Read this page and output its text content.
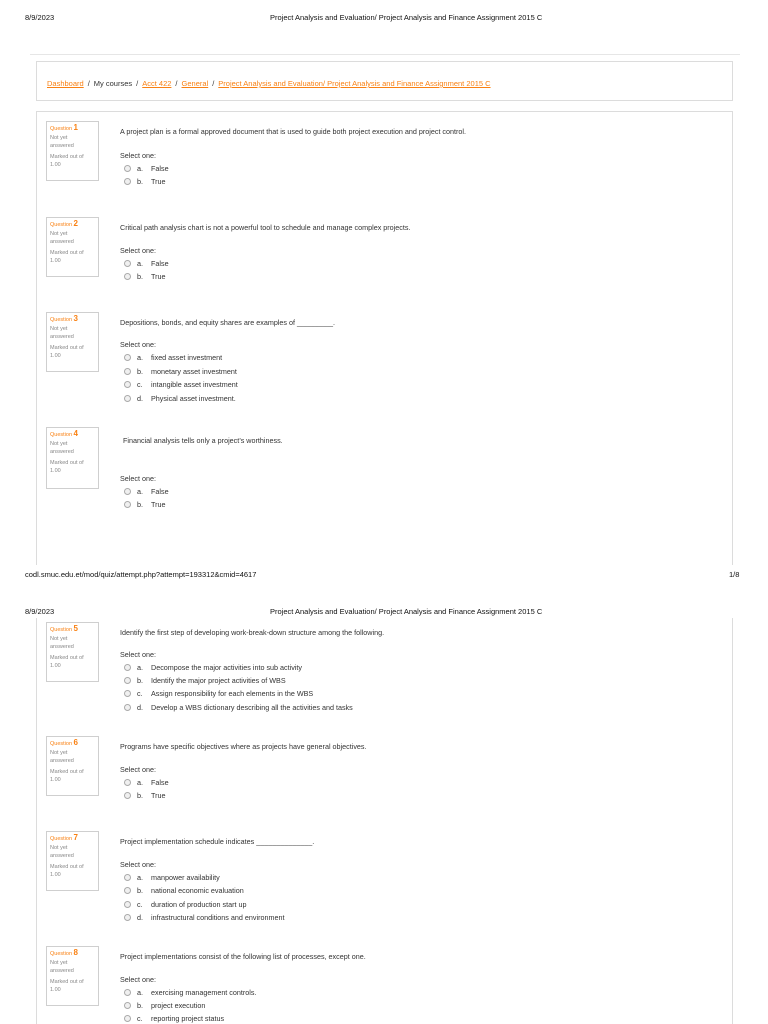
8/9/2023	Project Analysis and Evaluation/ Project Analysis and Finance Assignment 2015 C
Dashboard / My courses / Acct 422 / General / Project Analysis and Evaluation/ Project Analysis and Finance Assignment 2015 C
Question 1
Not yet
answered
Marked out of
1.00
A project plan is a formal approved document that is used to guide both project execution and project control.
Select one:
a.	False
b.	True
Question 2
Not yet
answered
Marked out of
1.00
Critical path analysis chart is not a powerful tool to schedule and manage complex projects.
Select one:
a.	False
b.	True
Question 3
Not yet
answered
Marked out of
1.00
Depositions, bonds, and equity shares are examples of _________.
Select one:
a.	fixed asset investment
b.	monetary asset investment
c.	intangible asset investment
d.	Physical asset investment.
Question 4
Not yet
answered
Marked out of
1.00
Financial analysis tells only a project’s worthiness.
Select one:
a.	False
b.	True
codl.smuc.edu.et/mod/quiz/attempt.php?attempt=193312&cmid=4617	1/8
8/9/2023	Project Analysis and Evaluation/ Project Analysis and Finance Assignment 2015 C
Question 5
Not yet
answered
Marked out of
1.00
Identify the first step of developing work-break-down structure among the following.
Select one:
a.	Decompose the major activities into sub activity
b.	Identify the major project activities of WBS
c.	Assign responsibility for each elements in the WBS
d.	Develop a WBS dictionary describing all the activities and tasks
Question 6
Not yet
answered
Marked out of
1.00
Programs have specific objectives where as projects have general objectives.
Select one:
a.	False
b.	True
Question 7
Not yet
answered
Marked out of
1.00
Project implementation schedule indicates ______________.
Select one:
a.	manpower availability
b.	national economic evaluation
c.	duration of production start up
d.	infrastructural conditions and environment
Question 8
Not yet
answered
Marked out of
1.00
Project implementations consist of the following list of processes, except one.
Select one:
a.	exercising management controls.
b.	project execution
c.	reporting project status
